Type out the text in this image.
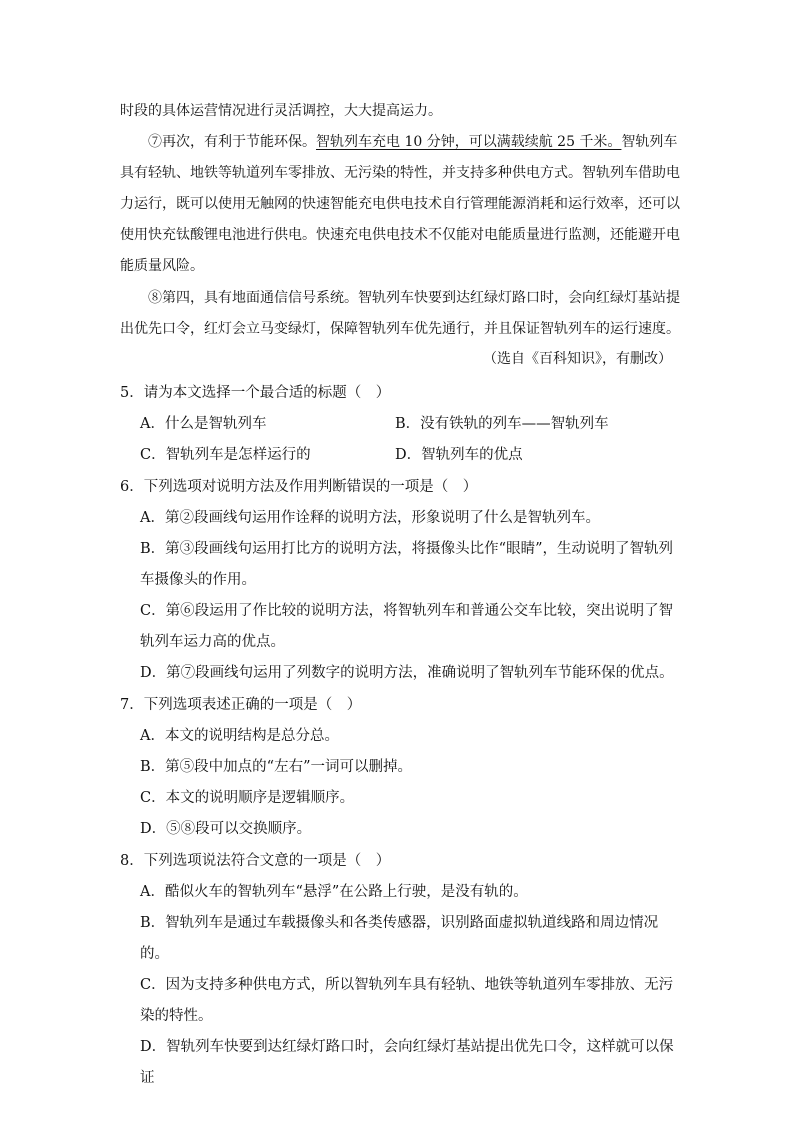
时段的具体运营情况进行灵活调控，大大提高运力。
⑦再次，有利于节能环保。智轨列车充电 10 分钟，可以满载续航 25 千米。智轨列车具有轻轨、地铁等轨道列车零排放、无污染的特性，并支持多种供电方式。智轨列车借助电力运行，既可以使用无触网的快速智能充电供电技术自行管理能源消耗和运行效率，还可以使用快充钛酸锂电池进行供电。快速充电供电技术不仅能对电能质量进行监测，还能避开电能质量风险。
⑧第四，具有地面通信信号系统。智轨列车快要到达红绿灯路口时，会向红绿灯基站提出优先口令，红灯会立马变绿灯，保障智轨列车优先通行，并且保证智轨列车的运行速度。
（选自《百科知识》，有删改）
5．请为本文选择一个最合适的标题（　）
A．什么是智轨列车	B．没有铁轨的列车——智轨列车
C．智轨列车是怎样运行的	D．智轨列车的优点
6．下列选项对说明方法及作用判断错误的一项是（　）
A．第②段画线句运用作诠释的说明方法，形象说明了什么是智轨列车。
B．第③段画线句运用打比方的说明方法，将摄像头比作“眼睛”，生动说明了智轨列车摄像头的作用。
C．第⑥段运用了作比较的说明方法，将智轨列车和普通公交车比较，突出说明了智轨列车运力高的优点。
D．第⑦段画线句运用了列数字的说明方法，准确说明了智轨列车节能环保的优点。
7．下列选项表述正确的一项是（　）
A．本文的说明结构是总分总。
B．第⑤段中加点的“左右”一词可以删掉。
C．本文的说明顺序是逻辑顺序。
D．⑤⑧段可以交换顺序。
8．下列选项说法符合文意的一项是（　）
A．酷似火车的智轨列车“悬浮”在公路上行驶，是没有轨的。
B．智轨列车是通过车载摄像头和各类传感器，识别路面虚拟轨道线路和周边情况的。
C．因为支持多种供电方式，所以智轨列车具有轻轨、地铁等轨道列车零排放、无污染的特性。
D．智轨列车快要到达红绿灯路口时，会向红绿灯基站提出优先口令，这样就可以保证
